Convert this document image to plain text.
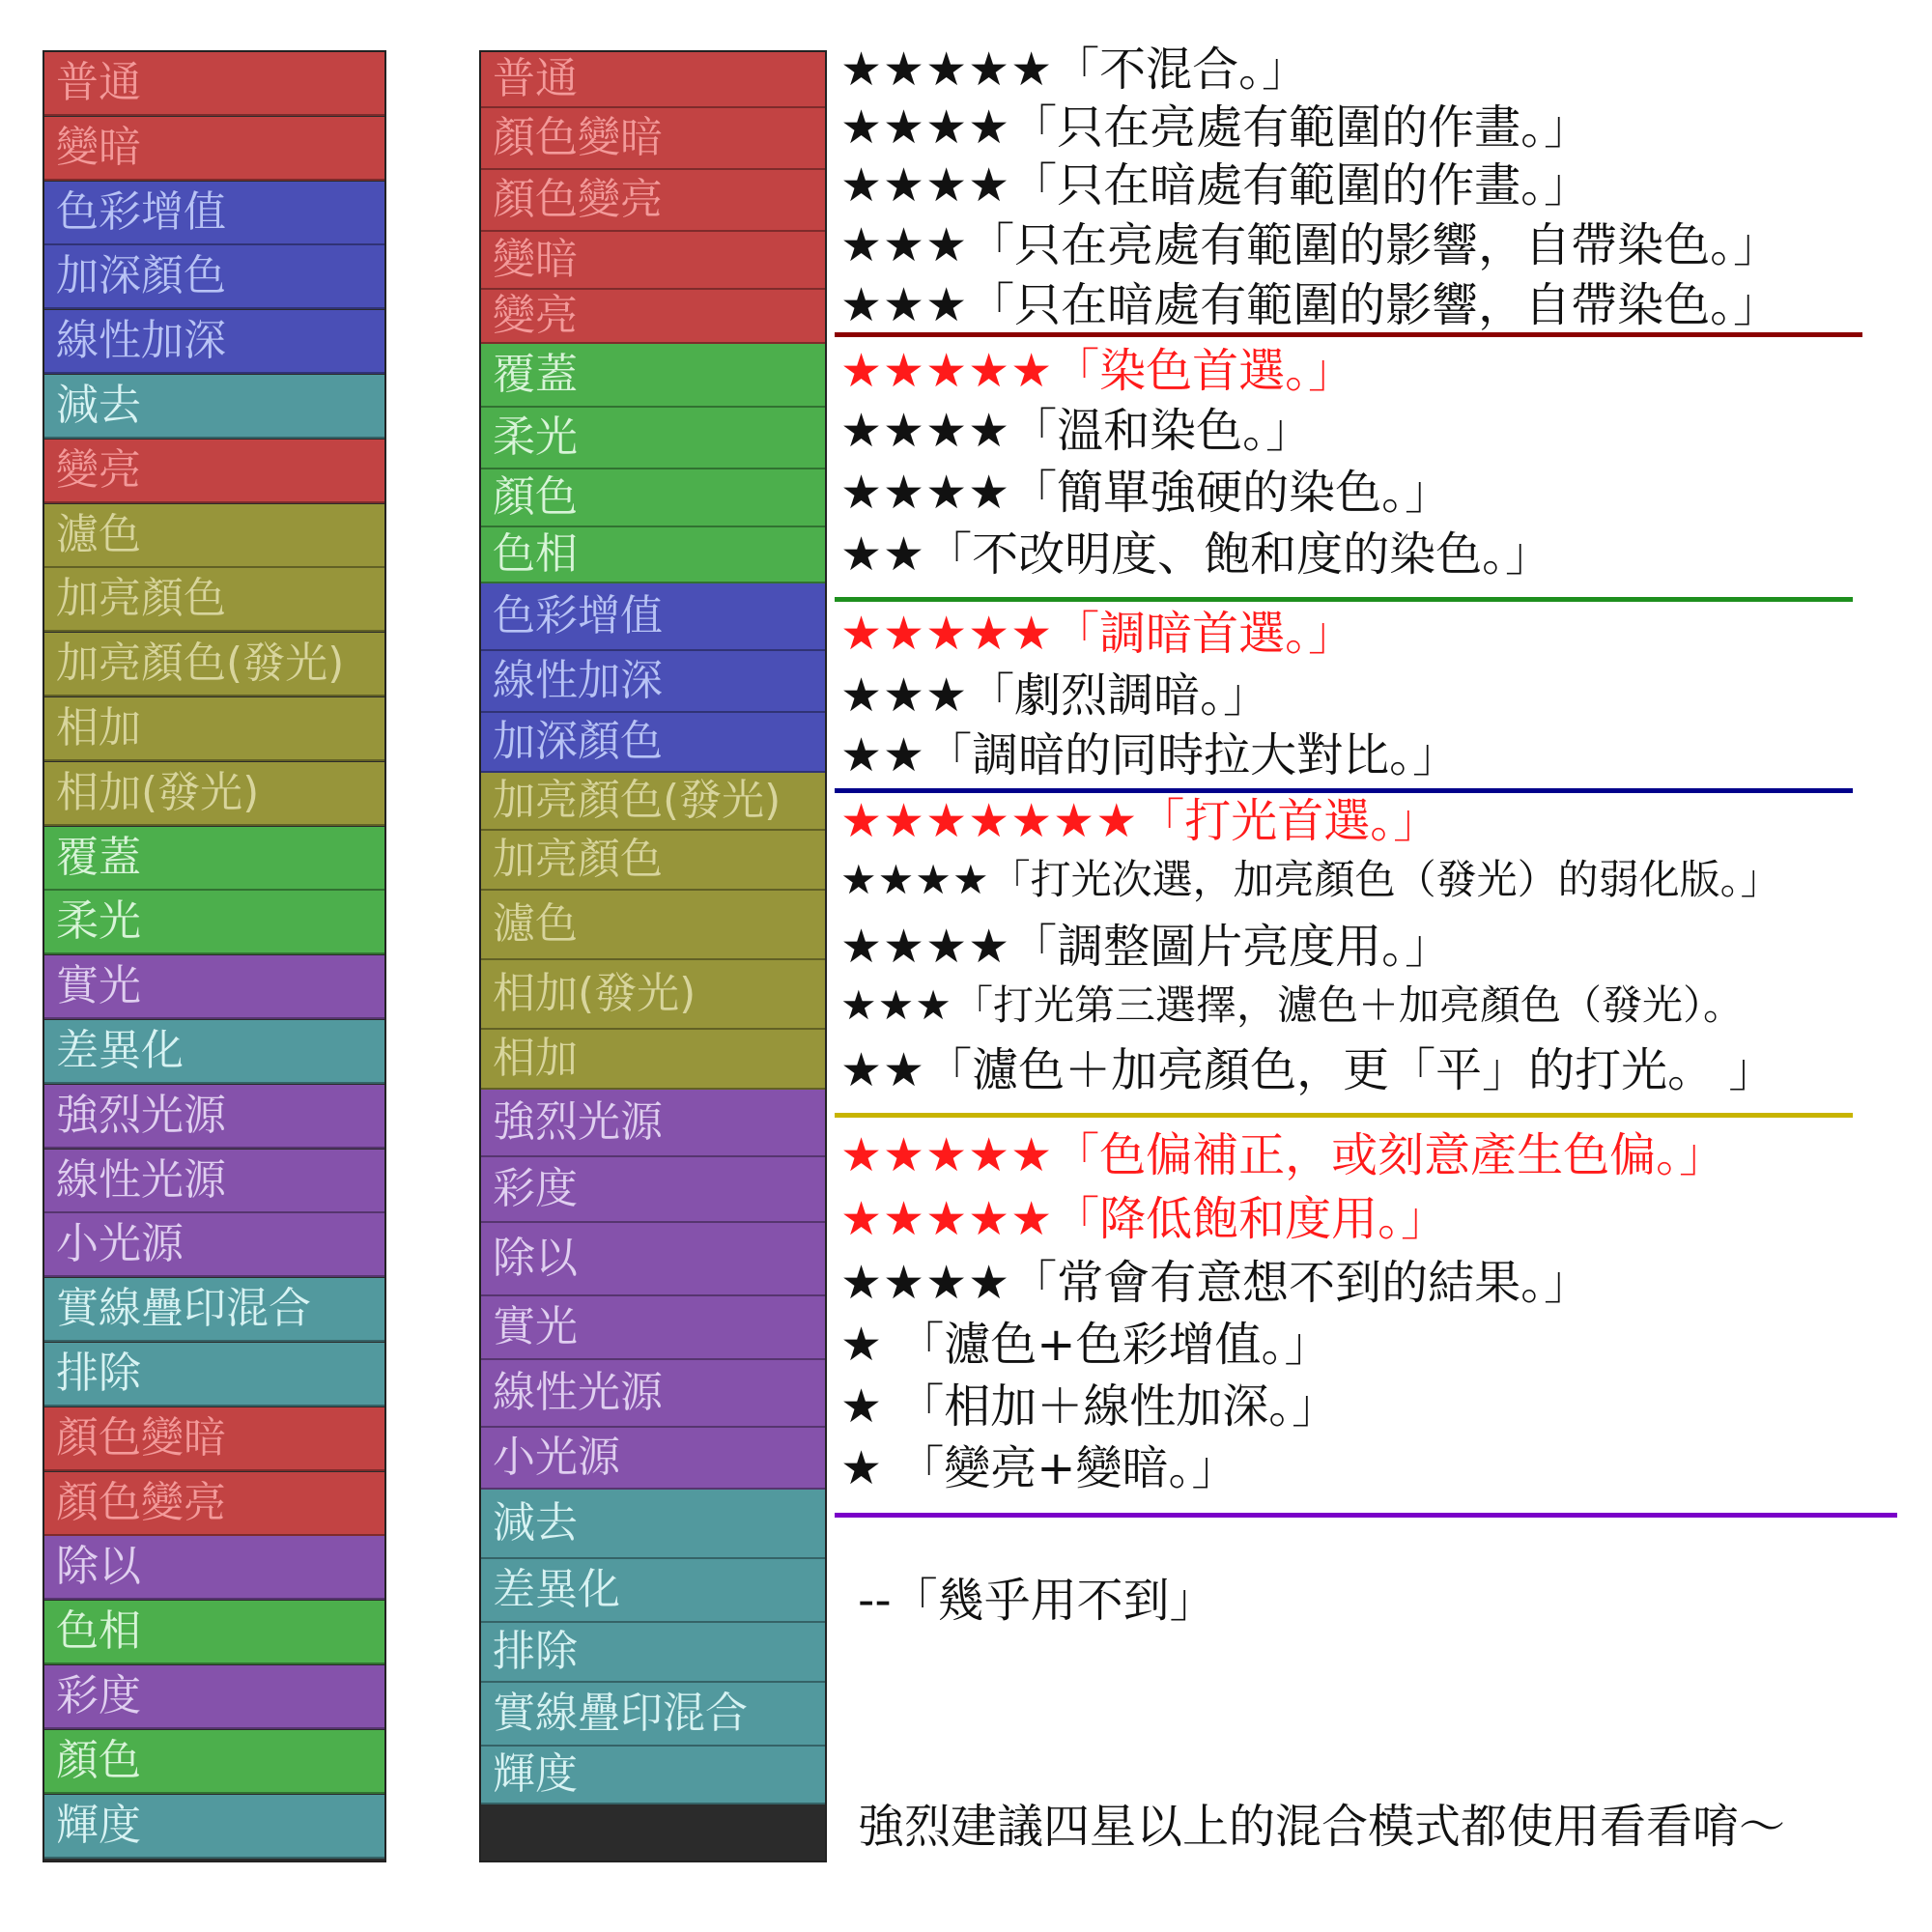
普通
變暗
色彩增值
加深顏色
線性加深
減去
變亮
濾色
加亮顏色
加亮顏色(發光)
相加
相加(發光)
覆蓋
柔光
實光
差異化
強烈光源
線性光源
小光源
實線疊印混合
排除
顏色變暗
顏色變亮
除以
色相
彩度
顏色
輝度
普通
顏色變暗
顏色變亮
變暗
變亮
覆蓋
柔光
顏色
色相
色彩增值
線性加深
加深顏色
加亮顏色(發光)
加亮顏色
濾色
相加(發光)
相加
強烈光源
彩度
除以
實光
線性光源
小光源
減去
差異化
排除
實線疊印混合
輝度
★★★★★「不混合。」
★★★★「只在亮處有範圍的作畫。」
★★★★「只在暗處有範圍的作畫。」
★★★「只在亮處有範圍的影響，自帶染色。」
★★★「只在暗處有範圍的影響，自帶染色。」
★★★★★「染色首選。」
★★★★「溫和染色。」
★★★★「簡單強硬的染色。」
★★「不改明度、飽和度的染色。」
★★★★★「調暗首選。」
★★★「劇烈調暗。」
★★「調暗的同時拉大對比。」
★★★★★★★「打光首選。」
★★★★「打光次選，加亮顏色（發光）的弱化版。」
★★★★「調整圖片亮度用。」
★★★「打光第三選擇，濾色＋加亮顏色（發光）。
★★「濾色＋加亮顏色，更「平」的打光。 」
★★★★★「色偏補正，或刻意產生色偏。」
★★★★★「降低飽和度用。」
★★★★「常會有意想不到的結果。」
★ 「濾色+色彩增值。」
★ 「相加＋線性加深。」
★ 「變亮+變暗。」
--「幾乎用不到」
強烈建議四星以上的混合模式都使用看看唷～
